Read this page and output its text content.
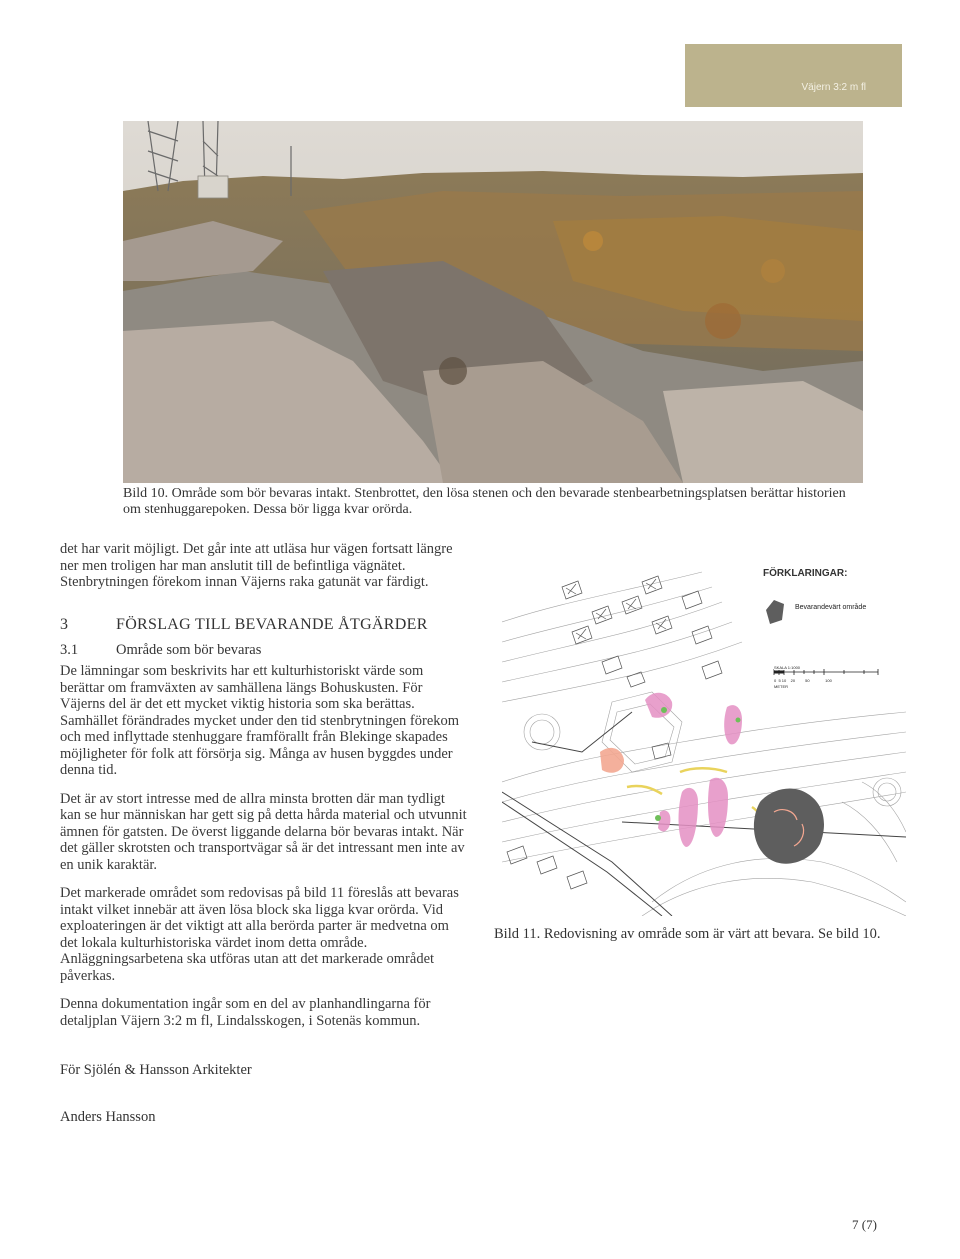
Väjern 3:2 m fl
Bild 10. Område som bör bevaras intakt. Stenbrottet, den lösa stenen och den bevarade stenbearbetningsplatsen berättar historien om stenhuggarepoken. Dessa bör ligga kvar orörda.
det har varit möjligt. Det går inte att utläsa hur vägen fortsatt längre ner men troligen har man anslutit till de befintliga vägnätet. Stenbrytningen förekom innan Väjerns raka gatunät var färdigt.
3	FÖRSLAG TILL BEVARANDE ÅTGÄRDER
3.1	Område som bör bevaras

De lämningar som beskrivits har ett kulturhistoriskt värde som berättar om framväxten av samhällena längs Bohuskusten. För Väjerns del är det ett mycket viktig historia som ska berättas. Samhället förändrades mycket under den tid stenbrytningen förekom och med inflyttade stenhuggare framförallt från Blekinge skapades möjligheter för folk att försörja sig. Många av husen byggdes under denna tid.

Det är av stort intresse med de allra minsta brotten där man tydligt kan se hur människan har gett sig på detta hårda material och utvunnit ämnen för gatsten. De överst liggande delarna bör bevaras intakt. När det gäller skrotsten och transportvägar så är det intressant men inte av en unik karaktär.

Det markerade området som redovisas på bild 11 föreslås att bevaras intakt vilket innebär att även lösa block ska ligga kvar orörda. Vid exploateringen är det viktigt att alla berörda parter är medvetna om det lokala kulturhistoriska värdet inom detta område. Anläggningsarbetena ska utföras utan att det markerade området påverkas.

Denna dokumentation ingår som en del av planhandlingarna för detaljplan Väjern 3:2 m fl, Lindalsskogen, i Sotenäs kommun.

FÖRKLARINGAR:
Bevarandevärt område
SKALA 1:1000
0  5 10    20         50              100
METER
Bild 11. Redovisning av område som är värt att bevara. Se bild 10.
För Sjölén & Hansson Arkitekter
Anders Hansson
7 (7)
